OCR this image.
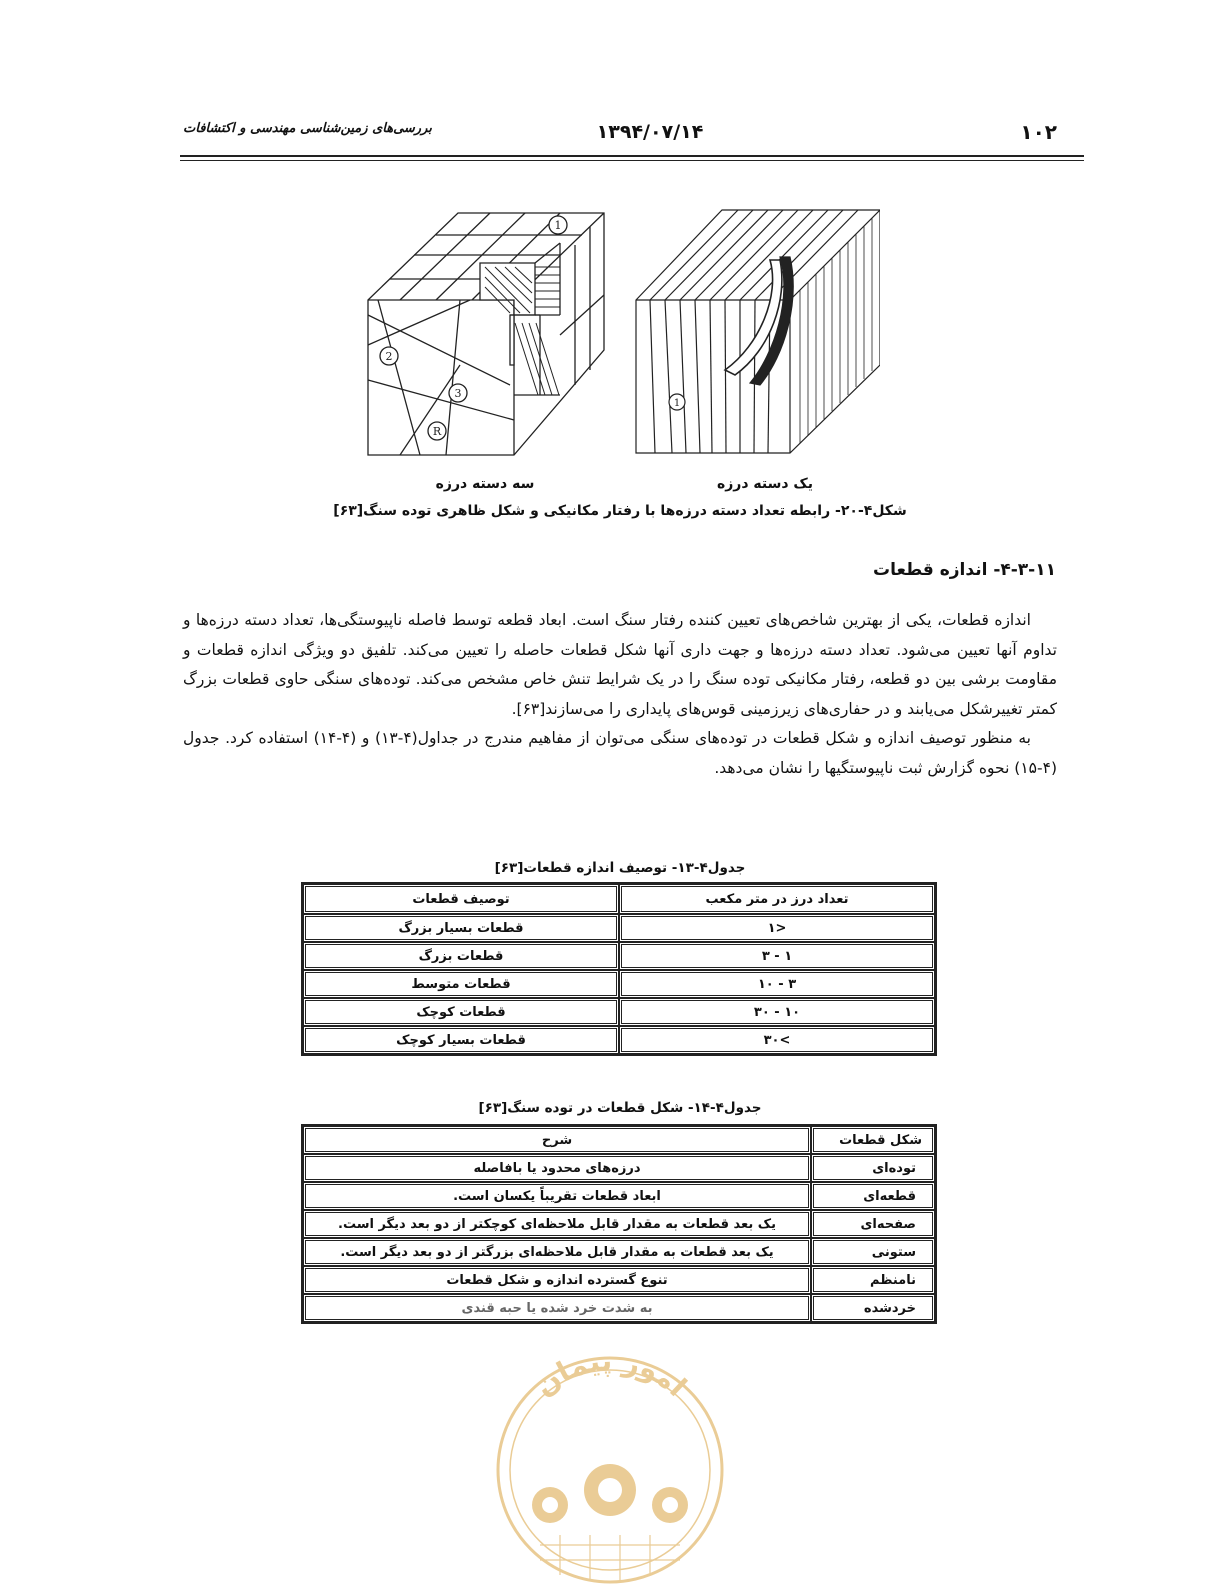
بررسی‌های زمین‌شناسی مهندسی و اکتشافات	۱۳۹۴/۰۷/۱۴	۱۰۲
1
2
3
R
1
سه دسته درزه	یک دسته درزه
شکل۴-۲۰- رابطه تعداد دسته درزه‌ها با رفتار مکانیکی و شکل ظاهری توده سنگ[۶۳]
۴-۳-۱۱- اندازه قطعات

اندازه قطعات، یکی از بهترین شاخص‌های تعیین کننده رفتار سنگ است. ابعاد قطعه توسط فاصله ناپیوستگی‌ها، تعداد دسته درزه‌ها و تداوم آنها تعیین می‌شود. تعداد دسته درزه‌ها و جهت داری آنها شکل قطعات حاصله را تعیین می‌کند. تلفیق دو ویژگی اندازه قطعات و مقاومت برشی بین دو قطعه، رفتار مکانیکی توده سنگ را در یک شرایط تنش خاص مشخص می‌کند. توده‌های سنگی حاوی قطعات بزرگ کمتر تغییرشکل می‌یابند و در حفاری‌های زیرزمینی قوس‌های پایداری را می‌سازند[۶۳].

به منظور توصیف اندازه و شکل قطعات در توده‌های سنگی می‌توان از مفاهیم مندرج در جداول(۴-۱۳) و (۴-۱۴) استفاده کرد. جدول (۴-۱۵) نحوه گزارش ثبت ناپیوستگیها را نشان می‌دهد.

جدول۴-۱۳- توصیف اندازه قطعات[۶۳]
تعداد درز در متر مکعب	توصیف قطعات
<۱	قطعات بسیار بزرگ
۱ - ۳	قطعات بزرگ
۳ - ۱۰	قطعات متوسط
۱۰ - ۳۰	قطعات کوچک
>۳۰	قطعات بسیار کوچک
جدول۴-۱۴- شکل قطعات در توده سنگ[۶۳]
شکل قطعات	شرح
توده‌ای	درزه‌های محدود یا بافاصله
قطعه‌ای	ابعاد قطعات تقریباً یکسان است.
صفحه‌ای	یک بعد قطعات به مقدار قابل ملاحظه‌ای کوچکتر از دو بعد دیگر است.
ستونی	یک بعد قطعات به مقدار قابل ملاحظه‌ای بزرگتر از دو بعد دیگر است.
نامنظم	تنوع گسترده اندازه و شکل قطعات
خردشده	به شدت خرد شده یا حبه قندی
امور پیمان
